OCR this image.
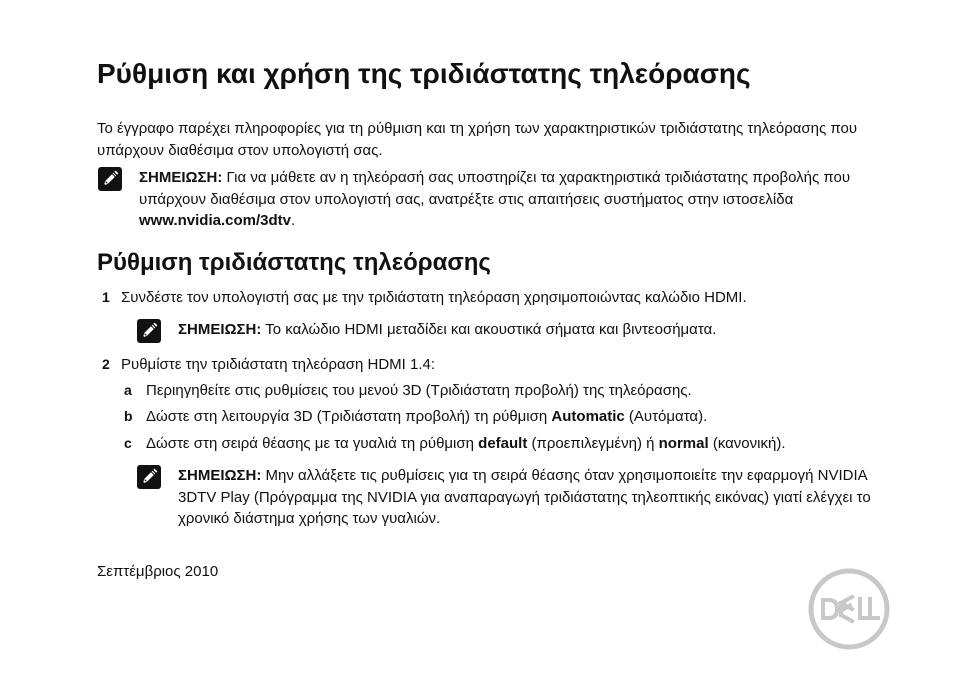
Ρύθμιση και χρήση της τριδιάστατης τηλεόρασης

Το έγγραφο παρέχει πληροφορίες για τη ρύθμιση και τη χρήση των χαρακτηριστικών τριδιάστατης τηλεόρασης που υπάρχουν διαθέσιμα στον υπολογιστή σας.

ΣΗΜΕΙΩΣΗ: Για να μάθετε αν η τηλεόρασή σας υποστηρίζει τα χαρακτηριστικά τριδιάστατης προβολής που υπάρχουν διαθέσιμα στον υπολογιστή σας, ανατρέξτε στις απαιτήσεις συστήματος στην ιστοσελίδα www.nvidia.com/3dtv.
Ρύθμιση τριδιάστατης τηλεόρασης
1 Συνδέστε τον υπολογιστή σας με την τριδιάστατη τηλεόραση χρησιμοποιώντας καλώδιο HDMI.
ΣΗΜΕΙΩΣΗ: Το καλώδιο HDMI μεταδίδει και ακουστικά σήματα και βιντεοσήματα.
2 Ρυθμίστε την τριδιάστατη τηλεόραση HDMI 1.4:
a Περιηγηθείτε στις ρυθμίσεις του μενού 3D (Τριδιάστατη προβολή) της τηλεόρασης.
b Δώστε στη λειτουργία 3D (Τριδιάστατη προβολή) τη ρύθμιση Automatic (Αυτόματα).
c Δώστε στη σειρά θέασης με τα γυαλιά τη ρύθμιση default (προεπιλεγμένη) ή normal (κανονική).
ΣΗΜΕΙΩΣΗ: Μην αλλάξετε τις ρυθμίσεις για τη σειρά θέασης όταν χρησιμοποιείτε την εφαρμογή NVIDIA 3DTV Play (Πρόγραμμα της NVIDIA για αναπαραγωγή τριδιάστατης τηλεοπτικής εικόνας) γιατί ελέγχει το χρονικό διάστημα χρήσης των γυαλιών.
Σεπτέμβριος 2010
